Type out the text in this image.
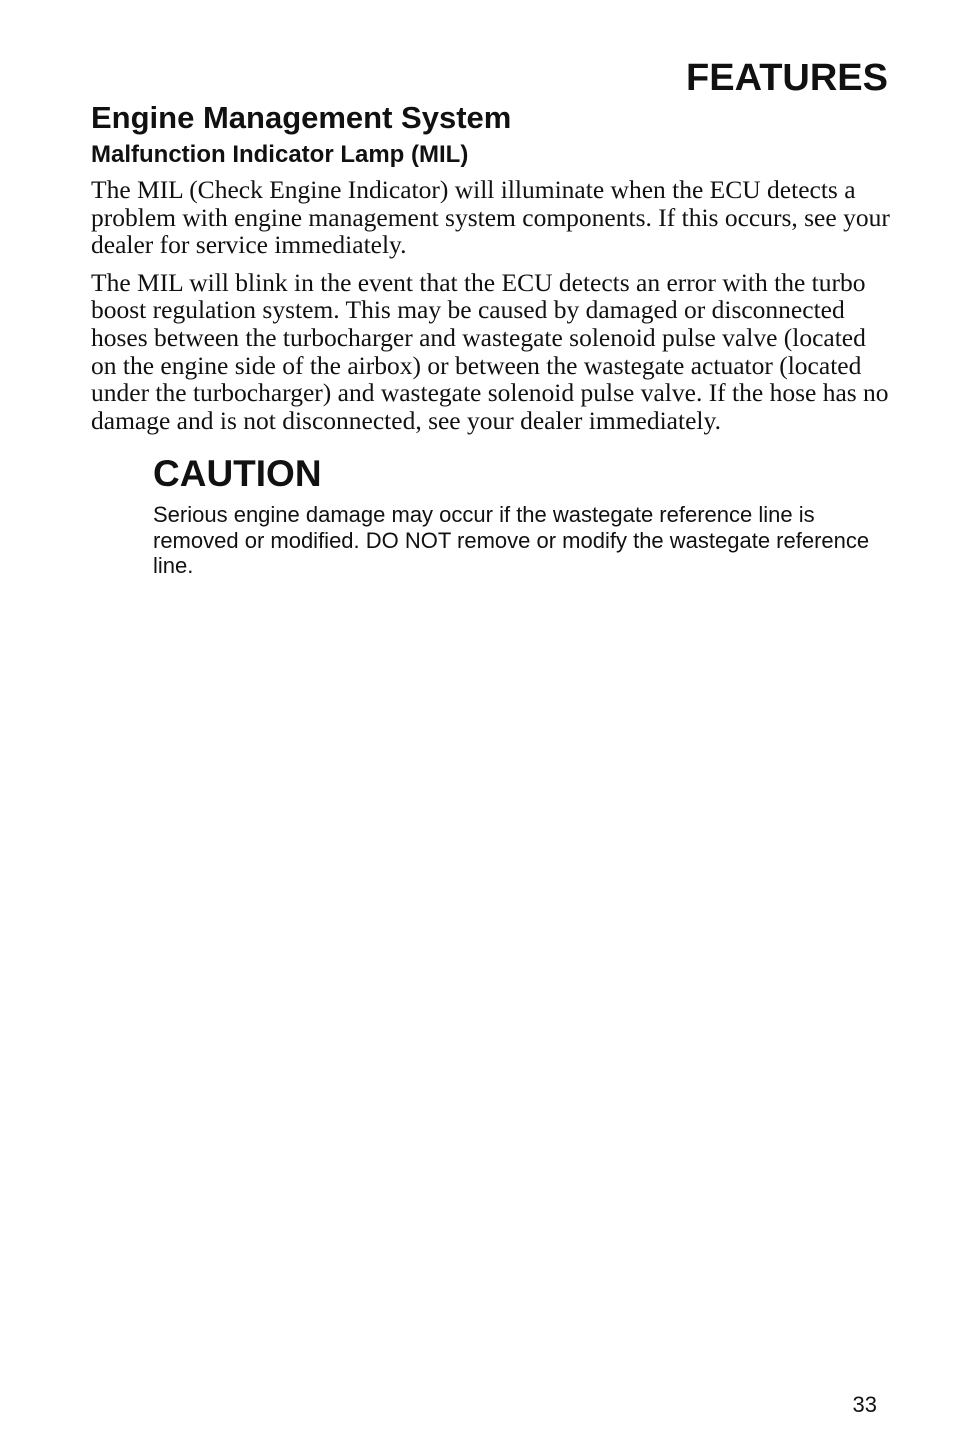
FEATURES
Engine Management System
Malfunction Indicator Lamp (MIL)

The MIL (Check Engine Indicator) will illuminate when the ECU detects a problem with engine management system components. If this occurs, see your dealer for service immediately.

The MIL will blink in the event that the ECU detects an error with the turbo boost regulation system. This may be caused by damaged or disconnected hoses between the turbocharger and wastegate solenoid pulse valve (located on the engine side of the airbox) or between the wastegate actuator (located under the turbocharger) and wastegate solenoid pulse valve. If the hose has no damage and is not disconnected, see your dealer immediately.

CAUTION

Serious engine damage may occur if the wastegate reference line is removed or modified. DO NOT remove or modify the wastegate reference line.

33
